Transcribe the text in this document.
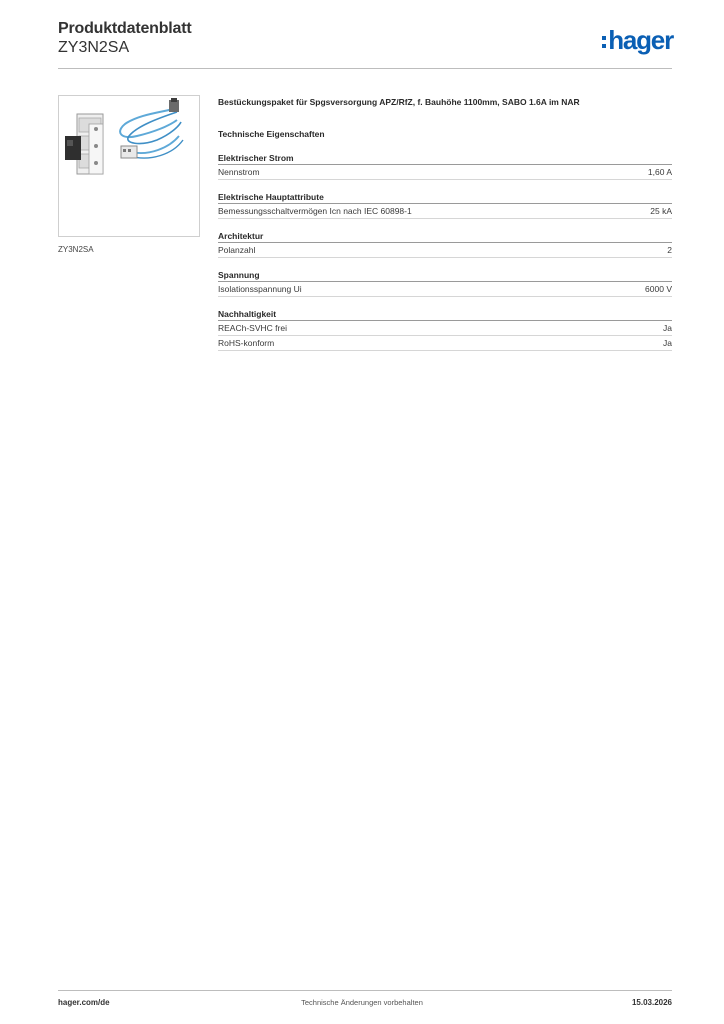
Produktdatenblatt
ZY3N2SA	hager
ZY3N2SA
Bestückungspaket für Spgsversorgung APZ/RfZ, f. Bauhöhe 1100mm, SABO 1.6A im NAR
Technische Eigenschaften
Elektrischer Strom
Nennstrom	1,60 A
Elektrische Hauptattribute
Bemessungsschaltvermögen Icn nach IEC 60898-1	25 kA
Architektur
Polanzahl	2
Spannung
Isolationsspannung Ui	6000 V
Nachhaltigkeit
REACh-SVHC frei	Ja
RoHS-konform	Ja
hager.com/de	Technische Änderungen vorbehalten	15.03.2026
